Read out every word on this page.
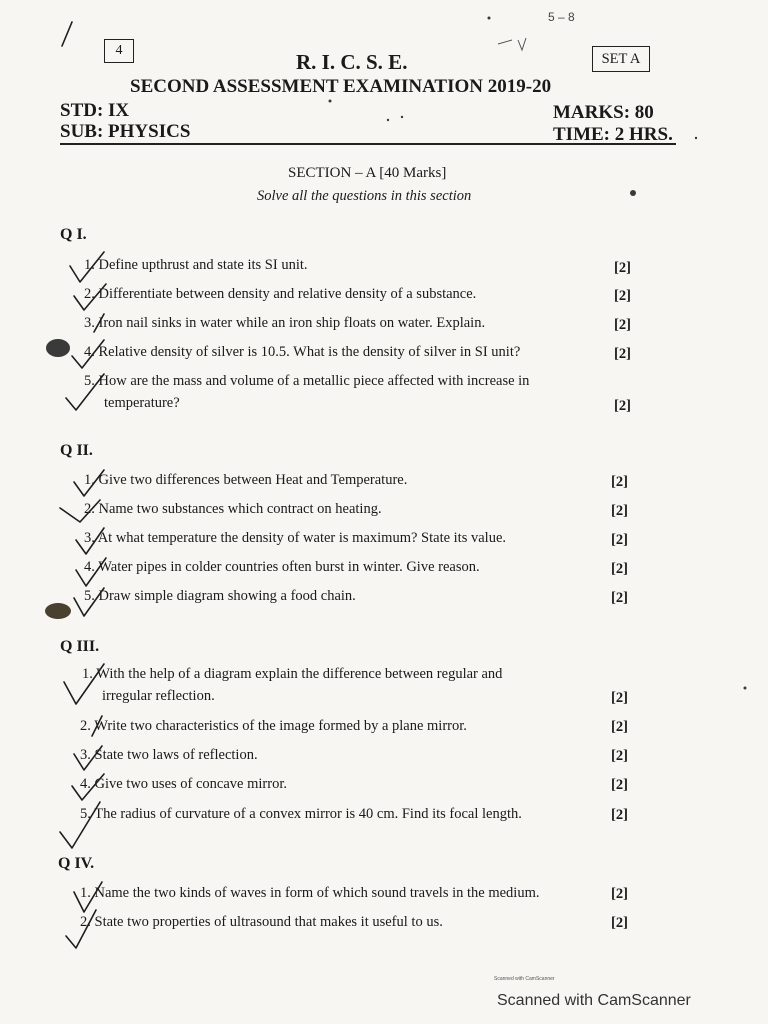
5 – 8
4	R. I. C. S. E.	SET A
SECOND ASSESSMENT EXAMINATION 2019-20
STD: IX	MARKS: 80
SUB: PHYSICS	TIME: 2 HRS.
SECTION – A [40 Marks]
Solve all the questions in this section
Q I.
1. Define upthrust and state its SI unit.	[2]
2. Differentiate between density and relative density of a substance.	[2]
3. Iron nail sinks in water while an iron ship floats on water. Explain.	[2]
4. Relative density of silver is 10.5. What is the density of silver in SI unit?	[2]
5. How are the mass and volume of a metallic piece affected with increase in
temperature?	[2]
Q II.
1. Give two differences between Heat and Temperature.	[2]
2. Name two substances which contract on heating.	[2]
3. At what temperature the density of water is maximum? State its value.	[2]
4. Water pipes in colder countries often burst in winter. Give reason.	[2]
5. Draw simple diagram showing a food chain.	[2]
Q III.
1. With the help of a diagram explain the difference between regular and
irregular reflection.	[2]
2. Write two characteristics of the image formed by a plane mirror.	[2]
3. State two laws of reflection.	[2]
4. Give two uses of concave mirror.	[2]
5. The radius of curvature of a convex mirror is 40 cm. Find its focal length.	[2]
Q IV.
1. Name the two kinds of waves in form of which sound travels in the medium.	[2]
2. State two properties of ultrasound that makes it useful to us.	[2]
Scanned with CamScanner
Scanned with CamScanner
